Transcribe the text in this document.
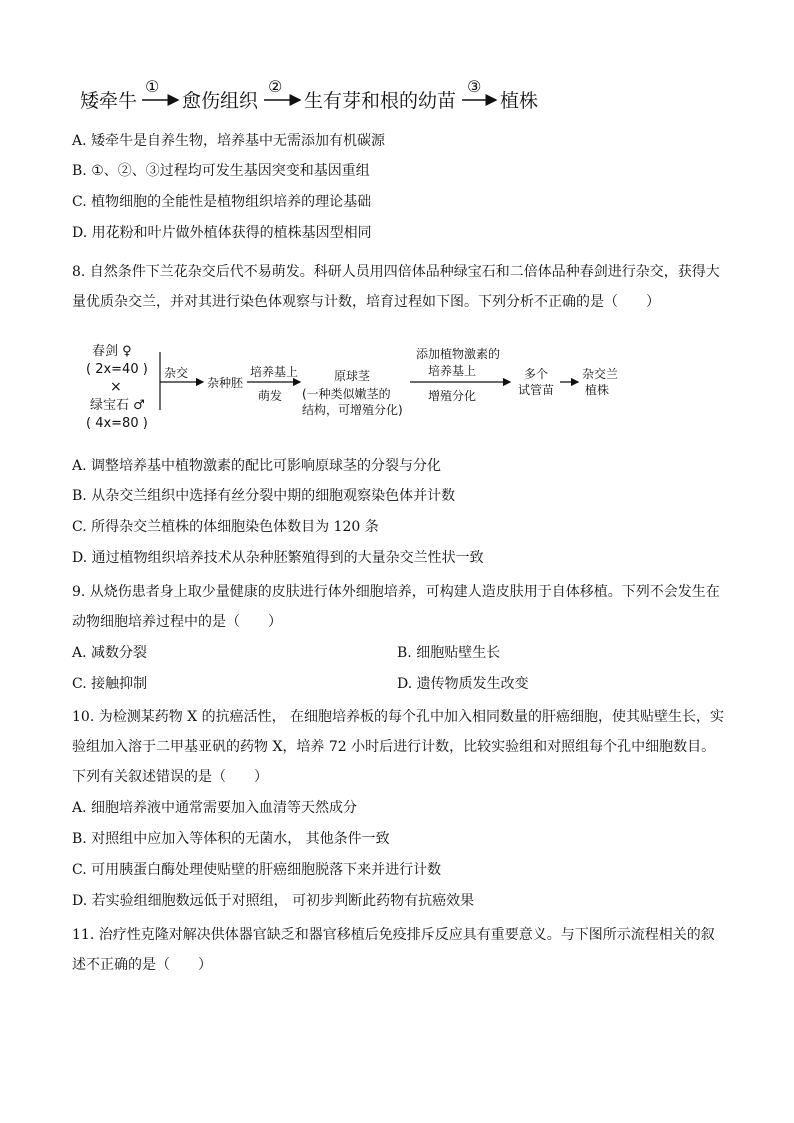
矮牵牛
①
愈伤组织
②
生有芽和根的幼苗
③
植株
A. 矮牵牛是自养生物，培养基中无需添加有机碳源
B. ①、②、③过程均可发生基因突变和基因重组
C. 植物细胞的全能性是植物组织培养的理论基础
D. 用花粉和叶片做外植体获得的植株基因型相同
8. 自然条件下兰花杂交后代不易萌发。科研人员用四倍体品种绿宝石和二倍体品种春剑进行杂交，获得大
量优质杂交兰，并对其进行染色体观察与计数，培育过程如下图。下列分析不正确的是（　　）
春剑 ♀
( 2x=40 )
×
绿宝石 ♂
( 4x=80 )
杂交
杂种胚
培养基上
萌发
原球茎
(一种类似嫩茎的
结构，可增殖分化)
添加植物激素的
培养基上
增殖分化
多个
试管苗
杂交兰
植株
A. 调整培养基中植物激素的配比可影响原球茎的分裂与分化
B. 从杂交兰组织中选择有丝分裂中期的细胞观察染色体并计数
C. 所得杂交兰植株的体细胞染色体数目为 120 条
D. 通过植物组织培养技术从杂种胚繁殖得到的大量杂交兰性状一致
9. 从烧伤患者身上取少量健康的皮肤进行体外细胞培养，可构建人造皮肤用于自体移植。下列不会发生在
动物细胞培养过程中的是（　　）
A. 减数分裂	B. 细胞贴壁生长
C. 接触抑制	D. 遗传物质发生改变
10. 为检测某药物 X 的抗癌活性， 在细胞培养板的每个孔中加入相同数量的肝癌细胞，使其贴壁生长，实
验组加入溶于二甲基亚矾的药物 X，培养 72 小时后进行计数，比较实验组和对照组每个孔中细胞数目。
下列有关叙述错误的是（　　）
A. 细胞培养液中通常需要加入血清等天然成分
B. 对照组中应加入等体积的无菌水， 其他条件一致
C. 可用胰蛋白酶处理使贴壁的肝癌细胞脱落下来并进行计数
D. 若实验组细胞数远低于对照组， 可初步判断此药物有抗癌效果
11. 治疗性克隆对解决供体器官缺乏和器官移植后免疫排斥反应具有重要意义。与下图所示流程相关的叙
述不正确的是（　　）
